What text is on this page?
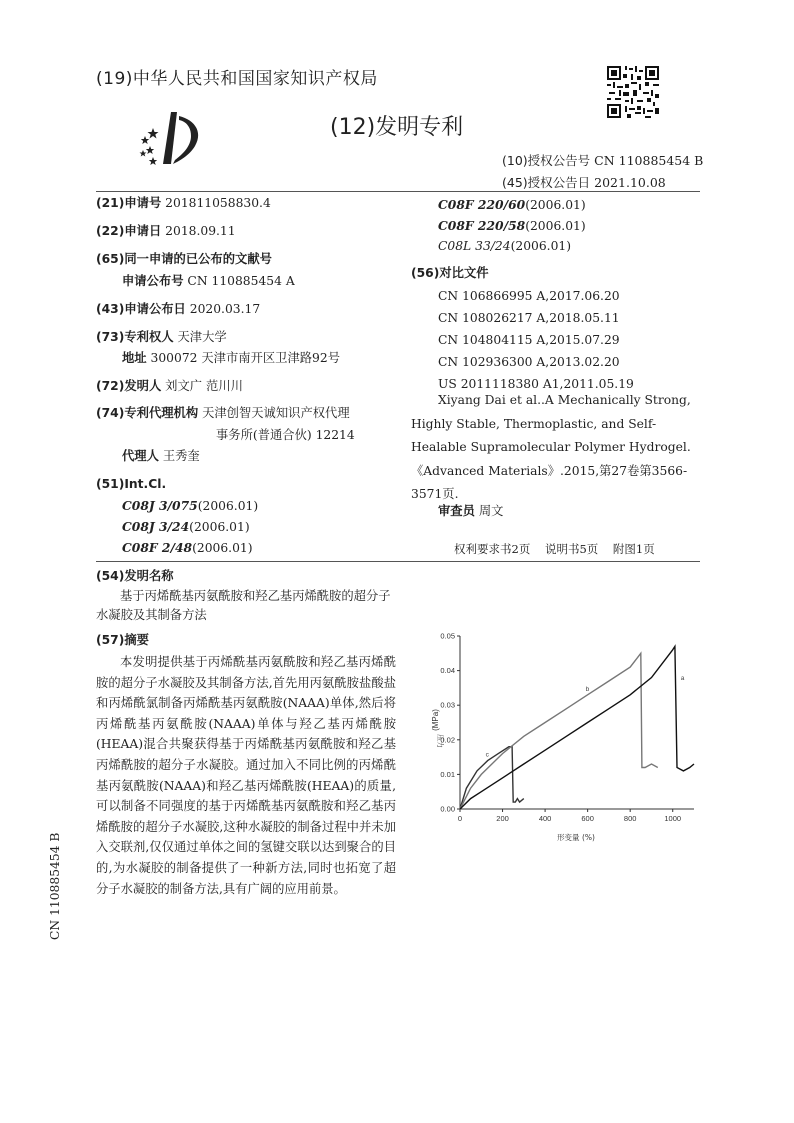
(19)中华人民共和国国家知识产权局
(12)发明专利
(10)授权公告号 CN 110885454 B
(45)授权公告日 2021.10.08
(21)申请号 201811058830.4
(22)申请日 2018.09.11
(65)同一申请的已公布的文献号
申请公布号 CN 110885454 A
(43)申请公布日 2020.03.17
(73)专利权人 天津大学
地址 300072 天津市南开区卫津路92号
(72)发明人 刘文广 范川川
(74)专利代理机构 天津创智天诚知识产权代理
事务所(普通合伙) 12214
代理人 王秀奎
(51)Int.Cl.
C08J 3/075(2006.01)
C08J 3/24(2006.01)
C08F 2/48(2006.01)
C08F 220/60(2006.01)
C08F 220/58(2006.01)
C08L 33/24(2006.01)
(56)对比文件
CN 106866995 A,2017.06.20
CN 108026217 A,2018.05.11
CN 104804115 A,2015.07.29
CN 102936300 A,2013.02.20
US 2011118380 A1,2011.05.19
Xiyang Dai et al..A Mechanically Strong, Highly Stable, Thermoplastic, and Self-Healable Supramolecular Polymer Hydrogel.《Advanced Materials》.2015,第27卷第3566-3571页.
审查员 周文
权利要求书2页    说明书5页    附图1页
(54)发明名称
基于丙烯酰基丙氨酰胺和羟乙基丙烯酰胺的超分子水凝胶及其制备方法
(57)摘要
本发明提供基于丙烯酰基丙氨酰胺和羟乙基丙烯酰胺的超分子水凝胶及其制备方法,首先用丙氨酰胺盐酸盐和丙烯酰氯制备丙烯酰基丙氨酰胺(NAAA)单体,然后将丙烯酰基丙氨酰胺(NAAA)单体与羟乙基丙烯酰胺(HEAA)混合共聚获得基于丙烯酰基丙氨酰胺和羟乙基丙烯酰胺的超分子水凝胶。通过加入不同比例的丙烯酰基丙氨酰胺(NAAA)和羟乙基丙烯酰胺(HEAA)的质量,可以制备不同强度的基于丙烯酰基丙氨酰胺和羟乙基丙烯酰胺的超分子水凝胶,这种水凝胶的制备过程中并未加入交联剂,仅仅通过单体之间的氢键交联以达到聚合的目的,为水凝胶的制备提供了一种新方法,同时也拓宽了超分子水凝胶的制备方法,具有广阔的应用前景。
CN 110885454 B
0	200	400	600	800	1000
0.00
0.01
0.02
0.03
0.04
0.05
c
b
a
(MPa)
压力
形变量 (%)
